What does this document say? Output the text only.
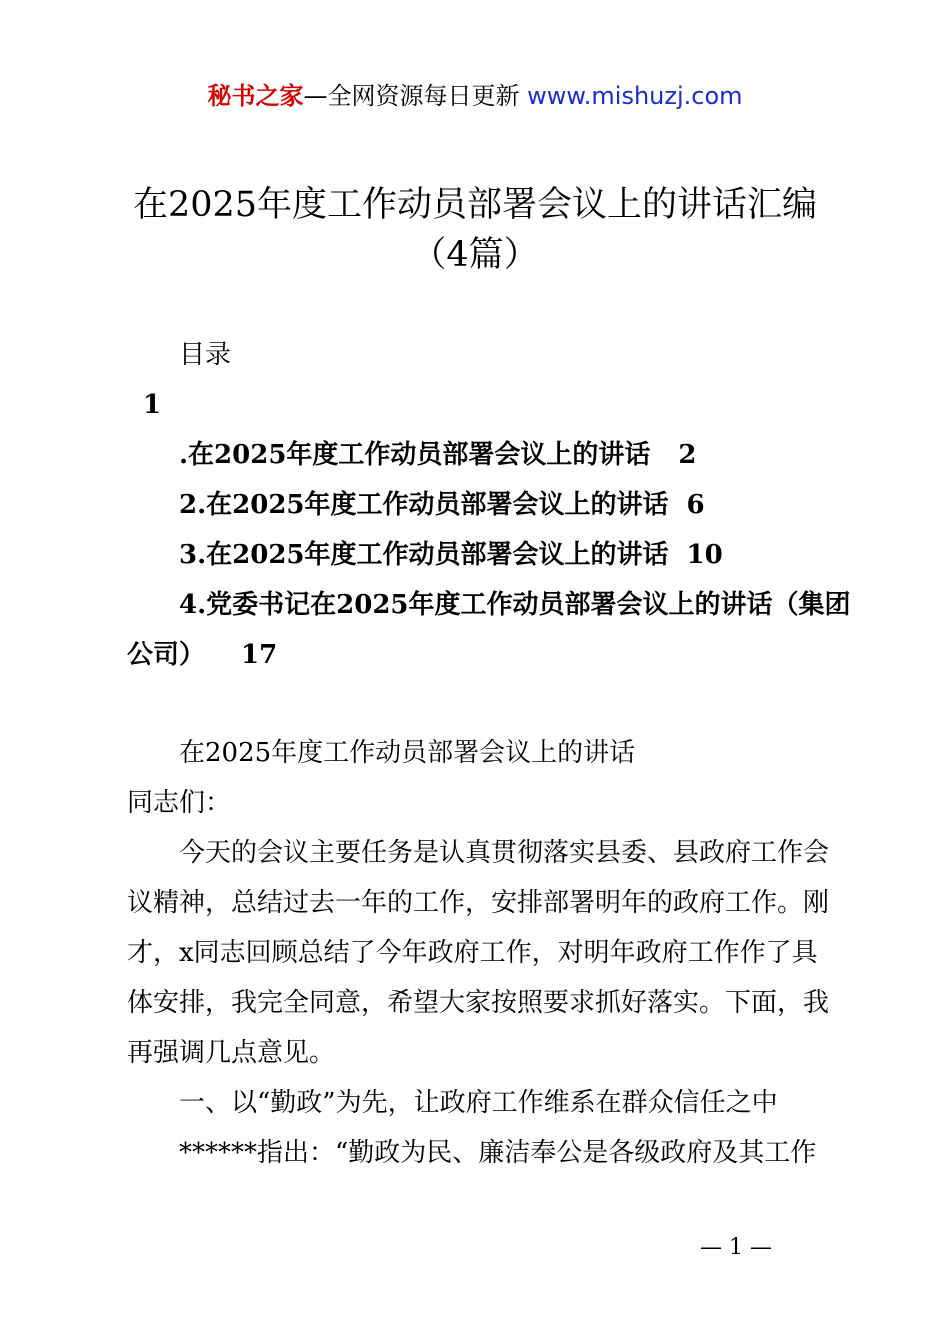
秘书之家—全网资源每日更新 www.mishuzj.com
在2025年度工作动员部署会议上的讲话汇编
（4篇）
目录
1
.在2025年度工作动员部署会议上的讲话 2
2.在2025年度工作动员部署会议上的讲话 6
3.在2025年度工作动员部署会议上的讲话 10
4.党委书记在2025年度工作动员部署会议上的讲话（集团
公司） 17
在2025年度工作动员部署会议上的讲话
同志们：
今天的会议主要任务是认真贯彻落实县委、县政府工作会
议精神，总结过去一年的工作，安排部署明年的政府工作。刚
才，x同志回顾总结了今年政府工作，对明年政府工作作了具
体安排，我完全同意，希望大家按照要求抓好落实。下面，我
再强调几点意见。
一、以“勤政”为先，让政府工作维系在群众信任之中
******指出：“勤政为民、廉洁奉公是各级政府及其工作
— 1 —
